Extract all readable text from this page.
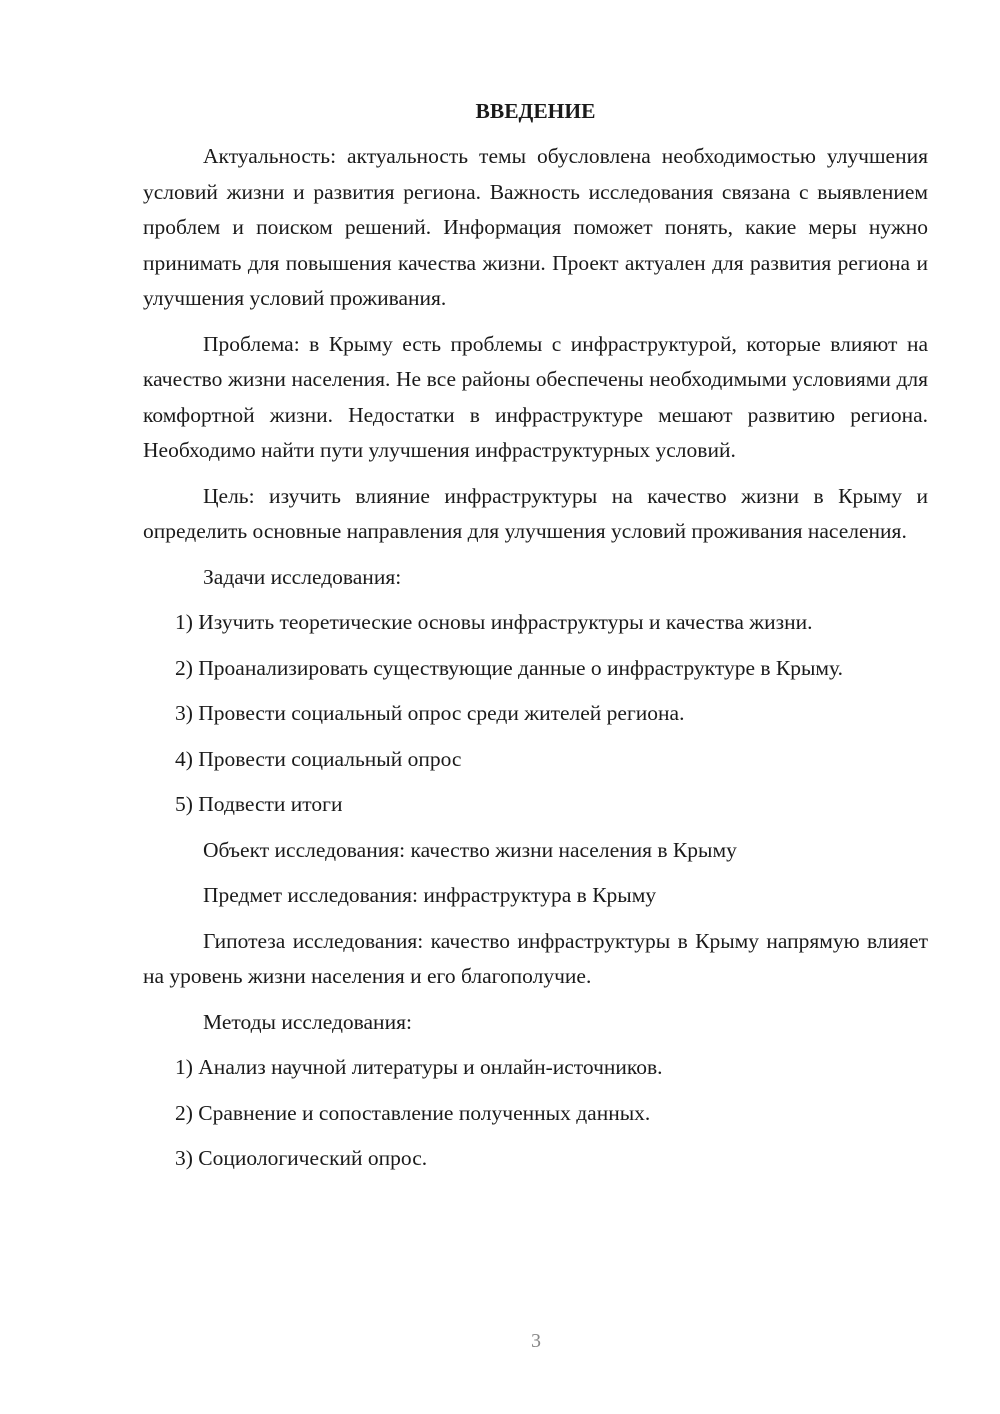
ВВЕДЕНИЕ

Актуальность: актуальность темы обусловлена необходимостью улучшения условий жизни и развития региона. Важность исследования связана с выявлением проблем и поиском решений. Информация поможет понять, какие меры нужно принимать для повышения качества жизни. Проект актуален для развития региона и улучшения условий проживания.

Проблема: в Крыму есть проблемы с инфраструктурой, которые влияют на качество жизни населения. Не все районы обеспечены необходимыми условиями для комфортной жизни. Недостатки в инфраструктуре мешают развитию региона. Необходимо найти пути улучшения инфраструктурных условий.

Цель: изучить влияние инфраструктуры на качество жизни в Крыму и определить основные направления для улучшения условий проживания населения.

Задачи исследования:

1) Изучить теоретические основы инфраструктуры и качества жизни.

2) Проанализировать существующие данные о инфраструктуре в Крыму.

3) Провести социальный опрос среди жителей региона.

4) Провести социальный опрос

5) Подвести итоги

Объект исследования: качество жизни населения в Крыму

Предмет исследования: инфраструктура в Крыму

Гипотеза исследования: качество инфраструктуры в Крыму напрямую влияет на уровень жизни населения и его благополучие.

Методы исследования:

1) Анализ научной литературы и онлайн-источников.

2) Сравнение и сопоставление полученных данных.

3) Социологический опрос.

3
